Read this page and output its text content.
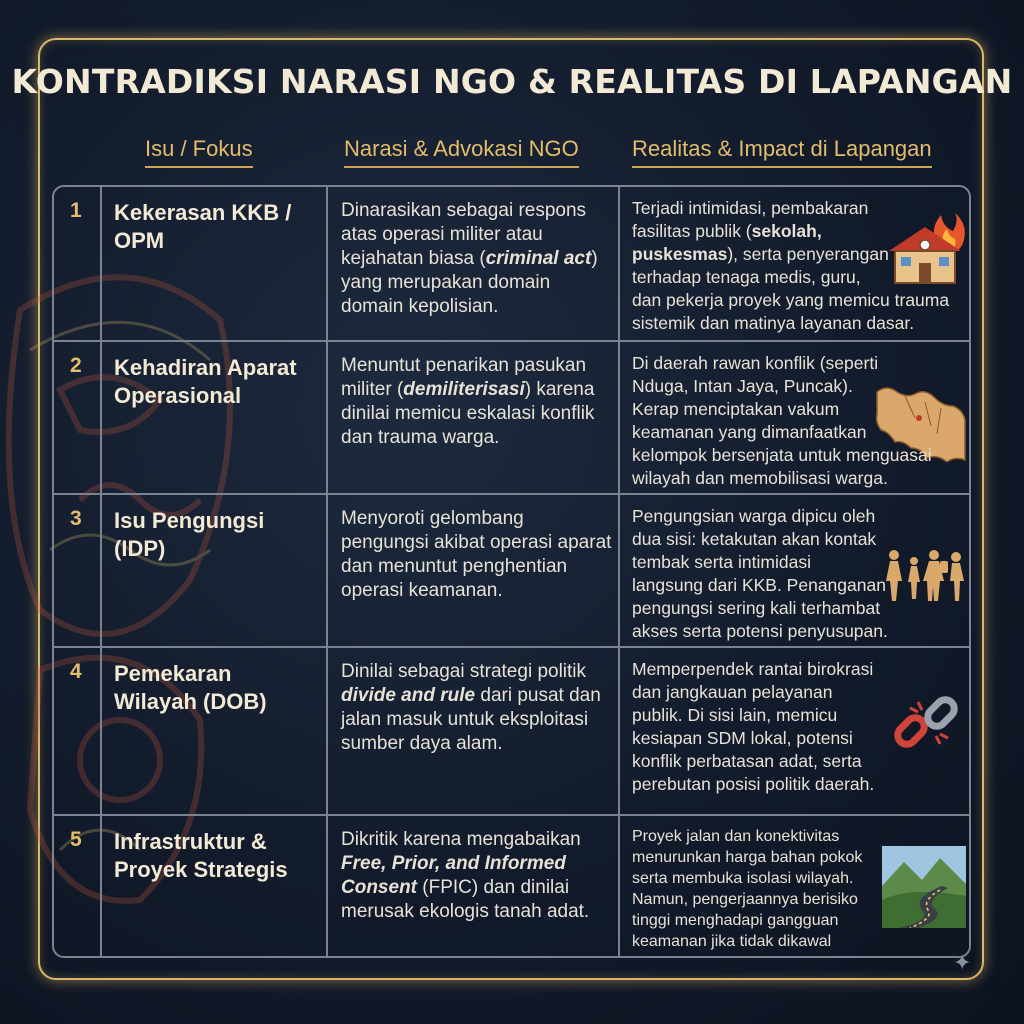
KONTRADIKSI NARASI NGO & REALITAS DI LAPANGAN
Isu / Fokus	Narasi & Advokasi NGO Realitas & Impact di Lapangan
1 Kekerasan KKB /
OPM
Dinarasikan sebagai respons atas operasi militer atau kejahatan biasa (criminal act) yang merupakan domain domain kepolisian.
Terjadi intimidasi, pembakaran
fasilitas publik (sekolah,
puskesmas), serta penyerangan
terhadap tenaga medis, guru,
dan pekerja proyek yang memicu trauma
sistemik dan matinya layanan dasar.
2 Kehadiran Aparat
Operasional
Menuntut penarikan pasukan militer (demiliterisasi) karena dinilai memicu eskalasi konflik dan trauma warga.
Di daerah rawan konflik (seperti
Nduga, Intan Jaya, Puncak).
Kerap menciptakan vakum
keamanan yang dimanfaatkan
kelompok bersenjata untuk menguasai
wilayah dan memobilisasi warga.
3 Isu Pengungsi
(IDP)
Menyoroti gelombang pengungsi akibat operasi aparat dan menuntut penghentian operasi keamanan.
Pengungsian warga dipicu oleh
dua sisi: ketakutan akan kontak
tembak serta intimidasi
langsung dari KKB. Penanganan
pengungsi sering kali terhambat
akses serta potensi penyusupan.
4 Pemekaran
Wilayah (DOB)
Dinilai sebagai strategi politik divide and rule dari pusat dan jalan masuk untuk eksploitasi sumber daya alam.
Memperpendek rantai birokrasi
dan jangkauan pelayanan
publik. Di sisi lain, memicu
kesiapan SDM lokal, potensi
konflik perbatasan adat, serta
perebutan posisi politik daerah.
5 Infrastruktur &
Proyek Strategis
Dikritik karena mengabaikan Free, Prior, and Informed Consent (FPIC) dan dinilai merusak ekologis tanah adat.
Proyek jalan dan konektivitas
menurunkan harga bahan pokok
serta membuka isolasi wilayah.
Namun, pengerjaannya berisiko
tinggi menghadapi gangguan
keamanan jika tidak dikawal
✦
